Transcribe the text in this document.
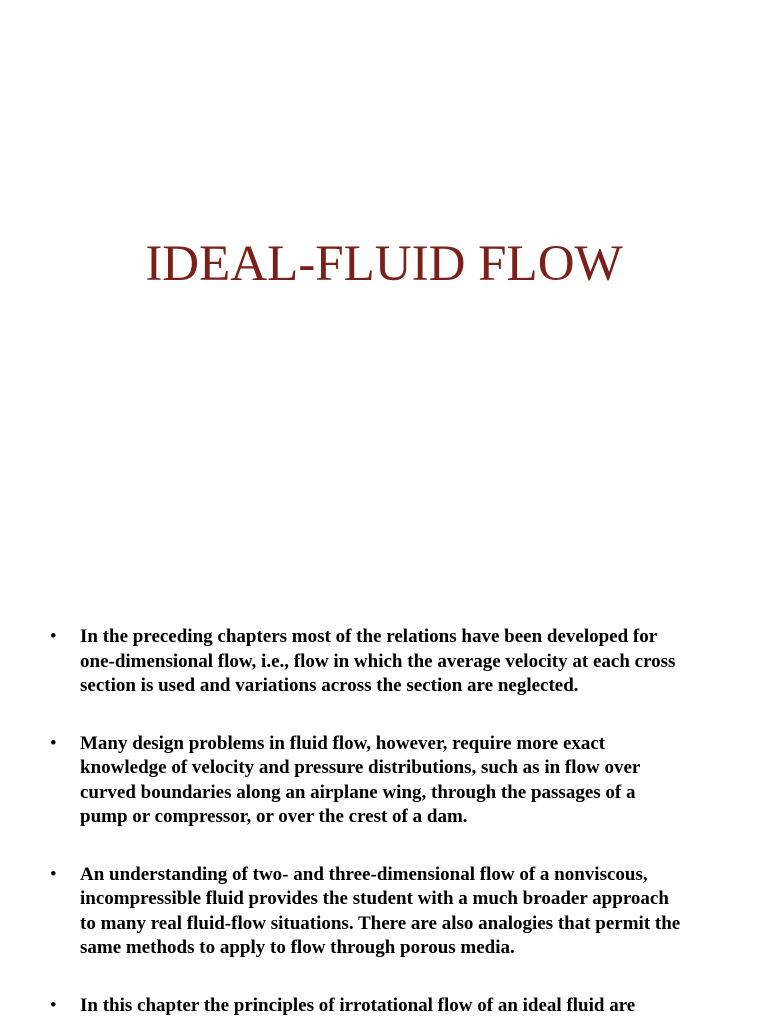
IDEAL-FLUID FLOW
• In the preceding chapters most of the relations have been developed for
one-dimensional flow, i.e., flow in which the average velocity at each cross
section is used and variations across the section are neglected.
• Many design problems in fluid flow, however, require more exact
knowledge of velocity and pressure distributions, such as in flow over
curved boundaries along an airplane wing, through the passages of a
pump or compressor, or over the crest of a dam.
• An understanding of two- and three-dimensional flow of a nonviscous,
incompressible fluid provides the student with a much broader approach
to many real fluid-flow situations. There are also analogies that permit the
same methods to apply to flow through porous media.
• In this chapter the principles of irrotational flow of an ideal fluid are
